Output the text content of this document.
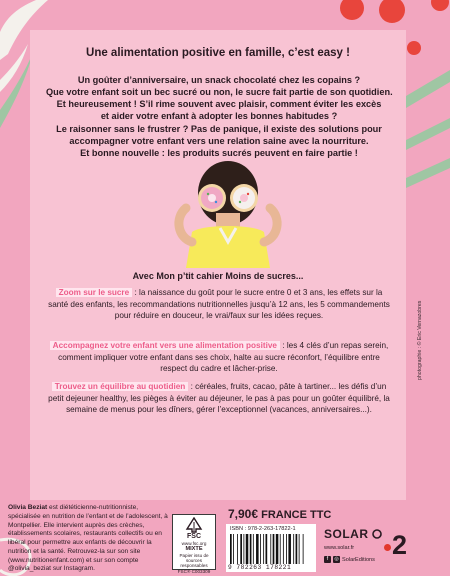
Une alimentation positive en famille, c’est easy !
Un goûter d’anniversaire, un snack chocolaté chez les copains ?
Que votre enfant soit un bec sucré ou non, le sucre fait partie de son quotidien.
Et heureusement ! S’il rime souvent avec plaisir, comment éviter les excès
et aider votre enfant à adopter les bonnes habitudes ?
Le raisonner sans le frustrer ? Pas de panique, il existe des solutions pour
accompagner votre enfant vers une relation saine avec la nourriture.
Et bonne nouvelle : les produits sucrés peuvent en faire partie !
Avec Mon p’tit cahier Moins de sucres...
Zoom sur le sucre : la naissance du goût pour le sucre entre 0 et 3 ans, les effets sur la santé des enfants, les recommandations nutritionnelles jusqu’à 12 ans, les 5 commandements pour réduire en douceur, le vrai/faux sur les idées reçues.
Accompagnez votre enfant vers une alimentation positive : les 4 clés d’un repas serein, comment impliquer votre enfant dans ses choix, halte au sucre réconfort, l’équilibre entre respect du cadre et lâcher-prise.
Trouvez un équilibre au quotidien : céréales, fruits, cacao, pâte à tartiner... les défis d’un petit dejeuner healthy, les pièges à éviter au déjeuner, le pas à pas pour un goûter équilibré, la semaine de menus pour les dîners, gérer l’exceptionnel (vacances, anniversaires...).
photographie : © Eric Vernazobres
Olivia Beziat est diététicienne-nutritionniste, spécialisée en nutrition de l’enfant et de l’adolescent, à Montpellier. Elle intervient auprès des crèches, établissements scolaires, restaurants collectifs ou en libéral pour permettre aux enfants de découvrir la nutrition et la santé. Retrouvez-la sur son site (www.nutritionenfant.com) et sur son compte @olivia_beziat sur Instagram.
FSC
www.fsc.org
MIXTE
Papier issu de sources responsables
FSC® C003309
7,90€ FRANCE TTC
ISBN : 978-2-263-17822-1
9 782263 178221
SOLAR
www.solar.fr
f	◎ SolarEditions 2
